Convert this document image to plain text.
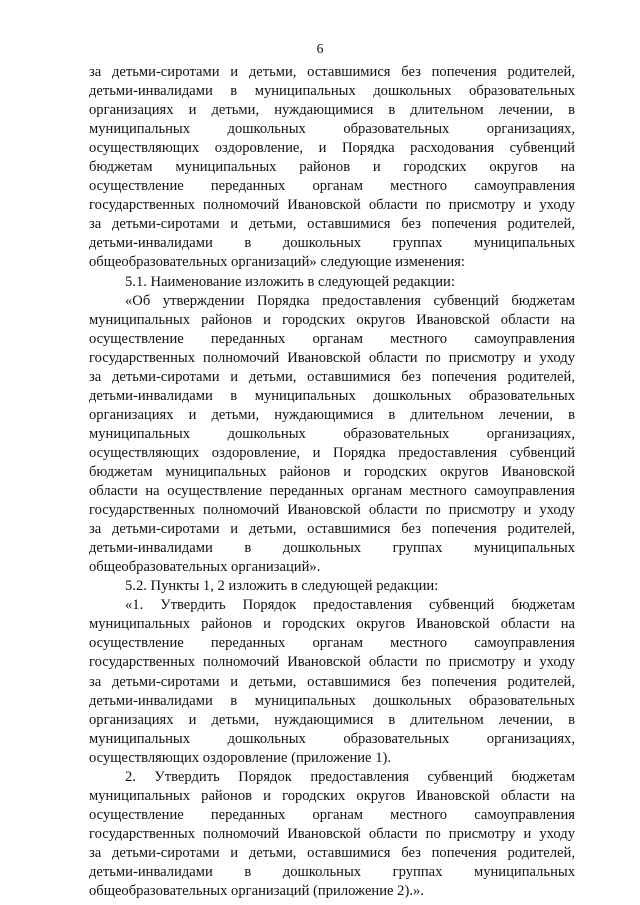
6
за детьми-сиротами и детьми, оставшимися без попечения родителей,
детьми-инвалидами в муниципальных дошкольных образовательных
организациях и детьми, нуждающимися в длительном лечении, в
муниципальных дошкольных образовательных организациях,
осуществляющих оздоровление, и Порядка расходования субвенций
бюджетам муниципальных районов и городских округов на
осуществление переданных органам местного самоуправления
государственных полномочий Ивановской области по присмотру и уходу
за детьми-сиротами и детьми, оставшимися без попечения родителей,
детьми-инвалидами в дошкольных группах муниципальных
общеобразовательных организаций» следующие изменения:
5.1. Наименование изложить в следующей редакции:
«Об утверждении Порядка предоставления субвенций бюджетам
муниципальных районов и городских округов Ивановской области на
осуществление переданных органам местного самоуправления
государственных полномочий Ивановской области по присмотру и уходу
за детьми-сиротами и детьми, оставшимися без попечения родителей,
детьми-инвалидами в муниципальных дошкольных образовательных
организациях и детьми, нуждающимися в длительном лечении, в
муниципальных дошкольных образовательных организациях,
осуществляющих оздоровление, и Порядка предоставления субвенций
бюджетам муниципальных районов и городских округов Ивановской
области на осуществление переданных органам местного самоуправления
государственных полномочий Ивановской области по присмотру и уходу
за детьми-сиротами и детьми, оставшимися без попечения родителей,
детьми-инвалидами в дошкольных группах муниципальных
общеобразовательных организаций».
5.2. Пункты 1, 2 изложить в следующей редакции:
«1. Утвердить Порядок предоставления субвенций бюджетам
муниципальных районов и городских округов Ивановской области на
осуществление переданных органам местного самоуправления
государственных полномочий Ивановской области по присмотру и уходу
за детьми-сиротами и детьми, оставшимися без попечения родителей,
детьми-инвалидами в муниципальных дошкольных образовательных
организациях и детьми, нуждающимися в длительном лечении, в
муниципальных дошкольных образовательных организациях,
осуществляющих оздоровление (приложение 1).
2. Утвердить Порядок предоставления субвенций бюджетам
муниципальных районов и городских округов Ивановской области на
осуществление переданных органам местного самоуправления
государственных полномочий Ивановской области по присмотру и уходу
за детьми-сиротами и детьми, оставшимися без попечения родителей,
детьми-инвалидами в дошкольных группах муниципальных
общеобразовательных организаций (приложение 2).».
